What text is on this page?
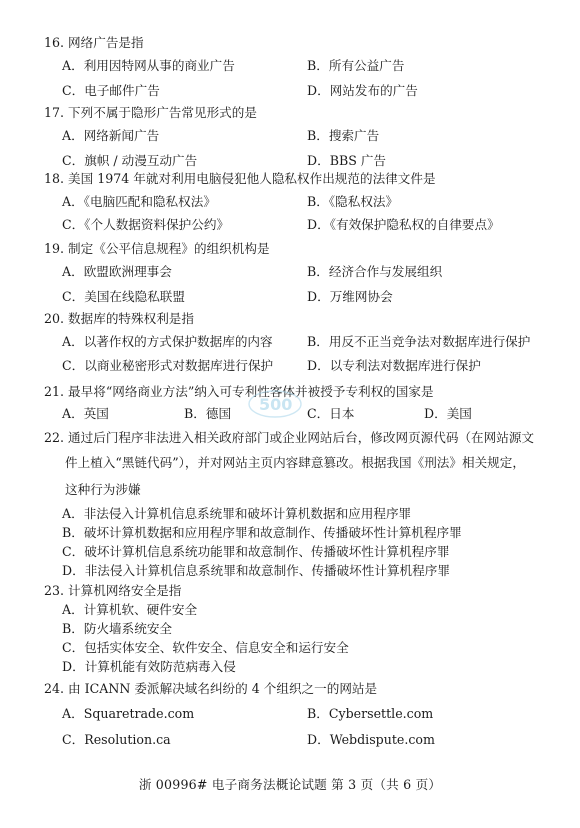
16. 网络广告是指
A．利用因特网从事的商业广告	B．所有公益广告
C．电子邮件广告	D．网站发布的广告
17. 下列不属于隐形广告常见形式的是
A．网络新闻广告	B．搜索广告
C．旗帜 / 动漫互动广告	D．BBS 广告
18. 美国 1974 年就对利用电脑侵犯他人隐私权作出规范的法律文件是
A．《电脑匹配和隐私权法》	B．《隐私权法》
C．《个人数据资料保护公约》	D．《有效保护隐私权的自律要点》
19. 制定《公平信息规程》的组织机构是
A．欧盟欧洲理事会	B．经济合作与发展组织
C．美国在线隐私联盟	D．万维网协会
20. 数据库的特殊权利是指
A．以著作权的方式保护数据库的内容	B．用反不正当竞争法对数据库进行保护
C．以商业秘密形式对数据库进行保护	D．以专利法对数据库进行保护
21. 最早将“网络商业方法”纳入可专利性客体并被授予专利权的国家是
A．英国	B．德国	C．日本	D．美国
500
22. 通过后门程序非法进入相关政府部门或企业网站后台，修改网页源代码（在网站源文
件上植入“黑链代码”），并对网站主页内容肆意篡改。根据我国《刑法》相关规定，
这种行为涉嫌
A．非法侵入计算机信息系统罪和破坏计算机数据和应用程序罪
B．破坏计算机数据和应用程序罪和故意制作、传播破坏性计算机程序罪
C．破坏计算机信息系统功能罪和故意制作、传播破坏性计算机程序罪
D．非法侵入计算机信息系统罪和故意制作、传播破坏性计算机程序罪
23. 计算机网络安全是指
A．计算机软、硬件安全
B．防火墙系统安全
C．包括实体安全、软件安全、信息安全和运行安全
D．计算机能有效防范病毒入侵
24. 由 ICANN 委派解决域名纠纷的 4 个组织之一的网站是
A．Squaretrade.com	B．Cybersettle.com
C．Resolution.ca	D．Webdispute.com
浙 00996# 电子商务法概论试题 第 3 页（共 6 页）
